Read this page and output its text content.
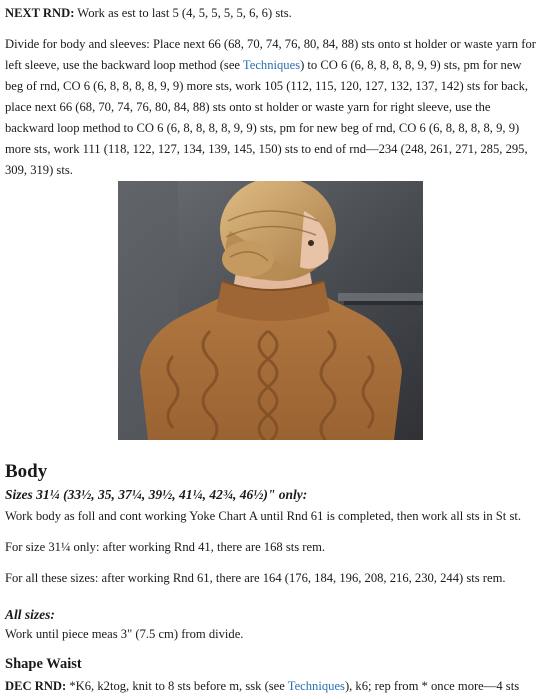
NEXT RND: Work as est to last 5 (4, 5, 5, 5, 5, 6, 6) sts.

Divide for body and sleeves: Place next 66 (68, 70, 74, 76, 80, 84, 88) sts onto st holder or waste yarn for left sleeve, use the backward loop method (see Techniques) to CO 6 (6, 8, 8, 8, 8, 9, 9) sts, pm for new beg of rnd, CO 6 (6, 8, 8, 8, 8, 9, 9) more sts, work 105 (112, 115, 120, 127, 132, 137, 142) sts for back, place next 66 (68, 70, 74, 76, 80, 84, 88) sts onto st holder or waste yarn for right sleeve, use the backward loop method to CO 6 (6, 8, 8, 8, 8, 9, 9) sts, pm for new beg of rnd, CO 6 (6, 8, 8, 8, 8, 9, 9) more sts, work 111 (118, 122, 127, 134, 139, 145, 150) sts to end of rnd—234 (248, 261, 271, 285, 295, 309, 319) sts.

Body
Sizes 31¼ (33½, 35, 37¼, 39½, 41¼, 42¾, 46½)" only:

Work body as foll and cont working Yoke Chart A until Rnd 61 is completed, then work all sts in St st.

For size 31¼ only: after working Rnd 41, there are 168 sts rem.

For all these sizes: after working Rnd 61, there are 164 (176, 184, 196, 208, 216, 230, 244) sts rem.

All sizes:

Work until piece meas 3" (7.5 cm) from divide.

Shape Waist

DEC RND: *K6, k2tog, knit to 8 sts before m, ssk (see Techniques), k6; rep from * once more—4 sts
